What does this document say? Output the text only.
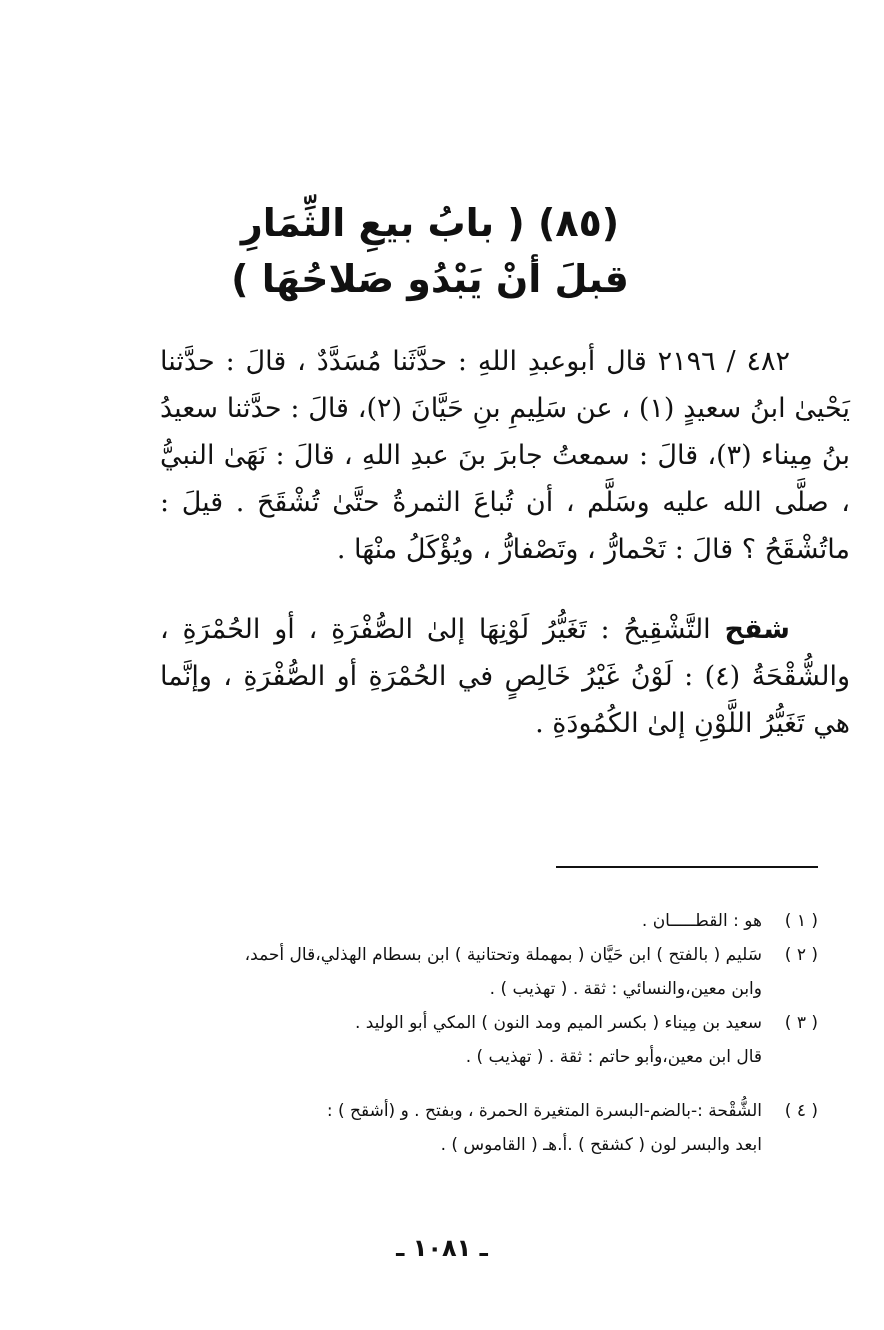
(٨٥) ( بابُ بيعِ الثِّمَارِ
قبلَ أنْ يَبْدُو صَلاحُهَا )
٤٨٢ / ٢١٩٦ قال أبوعبدِ اللهِ : حدَّثَنا مُسَدَّدٌ ، قالَ : حدَّثنا يَحْيىٰ ابنُ سعيدٍ (١) ، عن سَلِيمِ بنِ حَيَّانَ (٢)، قالَ : حدَّثنا سعيدُ بنُ مِيناء (٣)، قالَ : سمعتُ جابرَ بنَ عبدِ اللهِ ، قالَ : نَهَىٰ النبيُّ ، صلَّى الله عليه وسَلَّم ، أن تُباعَ الثمرةُ حتَّىٰ تُشْقَحَ . قيلَ : ماتُشْقَحُ ؟ قالَ : تَحْمارُّ ، وتَصْفارُّ ، ويُؤْكَلُ منْهَا .
شقح التَّشْقِيحُ : تَغَيُّرُ لَوْنِهَا إلىٰ الصُّفْرَةِ ، أو الحُمْرَةِ ، والشُّقْحَةُ (٤) : لَوْنُ غَيْرُ خَالِصٍ في الحُمْرَةِ أو الصُّفْرَةِ ، وإنَّما هي تَغَيُّرُ اللَّوْنِ إلىٰ الكُمُودَةِ .
( ١ )هو : القطـــــان .
( ٢ )سَليم ( بالفتح ) ابن حَيَّان ( بمهملة وتحتانية ) ابن بسطام الهذلي،قال أحمد،
وابن معين،والنسائي : ثقة . ( تهذيب ) .
( ٣ )سعيد بن مِيناء ( بكسر الميم ومد النون ) المكي أبو الوليد .
قال ابن معين،وأبو حاتم : ثقة . ( تهذيب ) .
( ٤ )الشُّقْحة :-بالضم-البسرة المتغيرة الحمرة ، وبفتح . و (أشقح ) :
ابعد والبسر لون ( كشقح ) .أ.هـ ( القاموس ) .
ـ ١٠٨١ ـ
